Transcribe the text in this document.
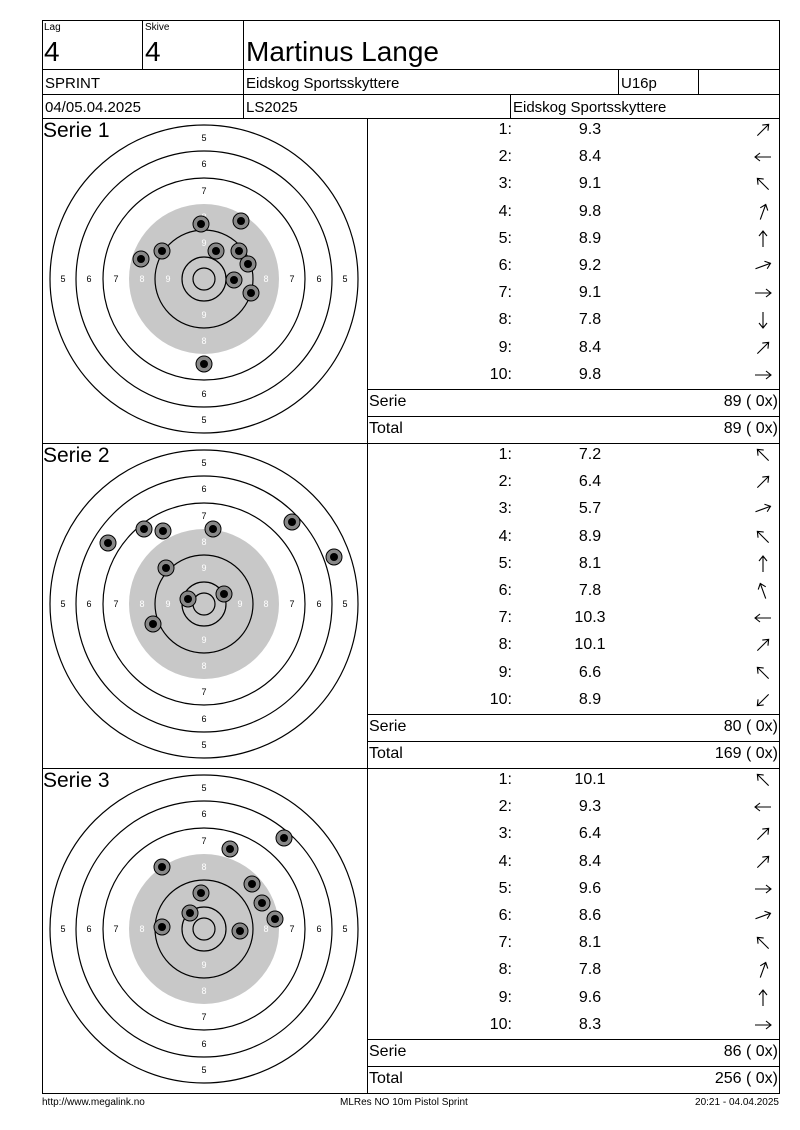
Lag
4
Skive
4	Martinus Lange
SPRINT	Eidskog Sportsskyttere	U16p
04/05.04.2025	LS2025	Eidskog Sportsskyttere
Serie 1	5
5
5	5
6
6
6	6
7
7	7
8
8	8
9
9
9
1:	9.3
2:	8.4
3:	9.1
4:	9.8
5:	8.9
6:	9.2
7:	9.1
8:	7.8
9:	8.4
10:	9.8
Serie	89 ( 0x)
Total	89 ( 0x)
Serie 2	5
5
5	5
6
6
6	6
7
7
7	7
8
8
8	8
9
9
9	9
1:	7.2
2:	6.4
3:	5.7
4:	8.9
5:	8.1
6:	7.8
7:	10.3
8:	10.1
9:	6.6
10:	8.9
Serie	80 ( 0x)
Total	169 ( 0x)
Serie 3	5
5
5	5
6
6
6	6
7
7
7	7
8
8
8	8
9
1:	10.1
2:	9.3
3:	6.4
4:	8.4
5:	9.6
6:	8.6
7:	8.1
8:	7.8
9:	9.6
10:	8.3
Serie	86 ( 0x)
Total	256 ( 0x)
http://www.megalink.no	MLRes NO 10m Pistol Sprint	20:21 - 04.04.2025
